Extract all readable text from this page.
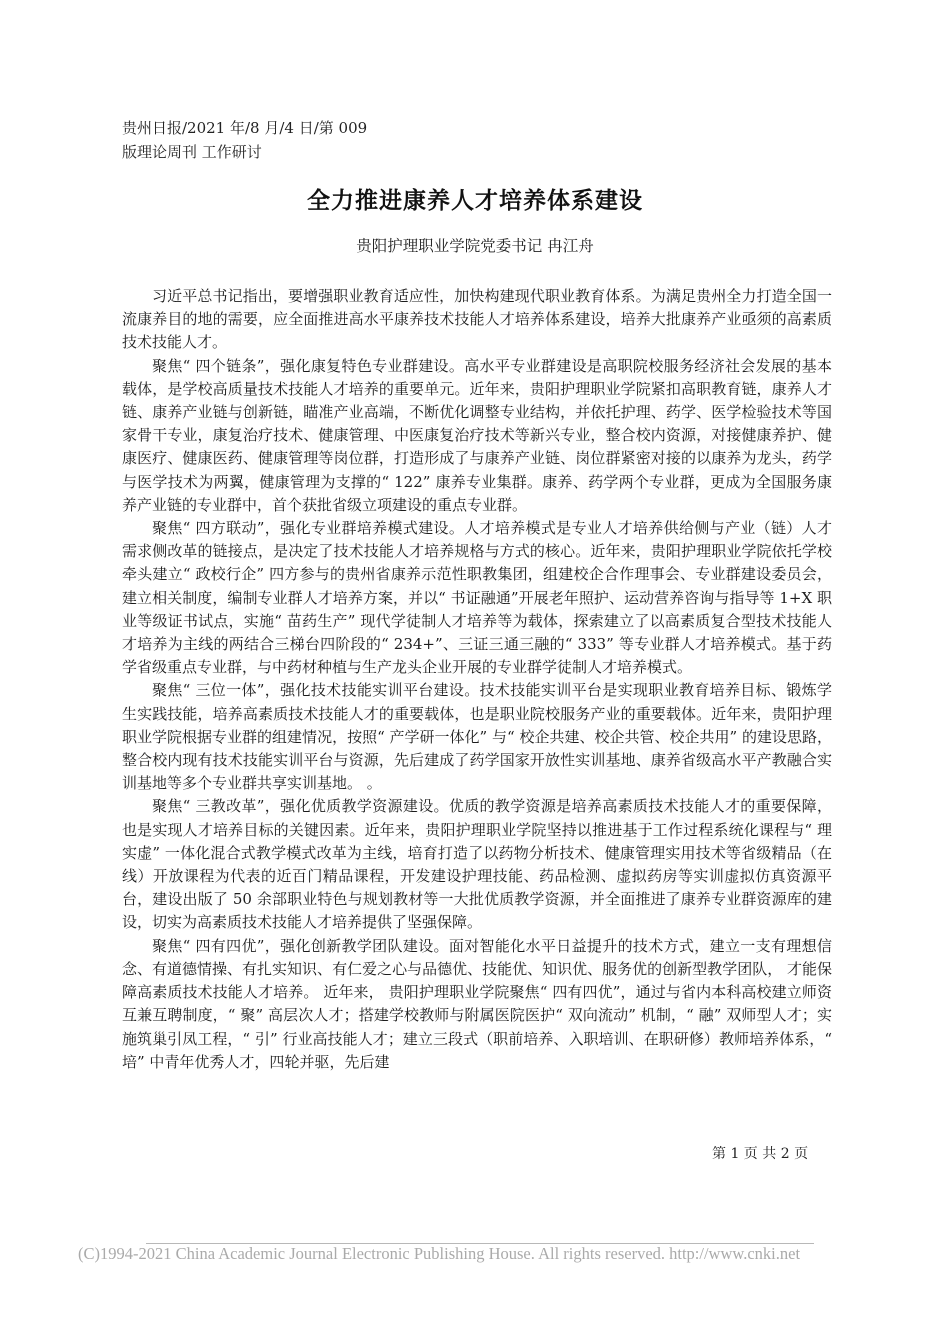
贵州日报/2021 年/8 月/4 日/第 009
版理论周刊 工作研讨
全力推进康养人才培养体系建设
贵阳护理职业学院党委书记 冉江舟

习近平总书记指出，要增强职业教育适应性，加快构建现代职业教育体系。为满足贵州全力打造全国一流康养目的地的需要，应全面推进高水平康养技术技能人才培养体系建设，培养大批康养产业亟须的高素质技术技能人才。

聚焦“ 四个链条”，强化康复特色专业群建设。高水平专业群建设是高职院校服务经济社会发展的基本载体，是学校高质量技术技能人才培养的重要单元。近年来，贵阳护理职业学院紧扣高职教育链，康养人才链、康养产业链与创新链，瞄准产业高端，不断优化调整专业结构，并依托护理、药学、医学检验技术等国家骨干专业，康复治疗技术、健康管理、中医康复治疗技术等新兴专业，整合校内资源，对接健康养护、健康医疗、健康医药、健康管理等岗位群，打造形成了与康养产业链、岗位群紧密对接的以康养为龙头，药学与医学技术为两翼，健康管理为支撑的“ 122” 康养专业集群。康养、药学两个专业群，更成为全国服务康养产业链的专业群中，首个获批省级立项建设的重点专业群。

聚焦“ 四方联动”，强化专业群培养模式建设。人才培养模式是专业人才培养供给侧与产业（链）人才需求侧改革的链接点，是决定了技术技能人才培养规格与方式的核心。近年来，贵阳护理职业学院依托学校牵头建立“ 政校行企” 四方参与的贵州省康养示范性职教集团，组建校企合作理事会、专业群建设委员会，建立相关制度，编制专业群人才培养方案，并以“ 书证融通”开展老年照护、运动营养咨询与指导等 1+X 职业等级证书试点，实施“ 苗药生产” 现代学徒制人才培养等为载体，探索建立了以高素质复合型技术技能人才培养为主线的两结合三梯台四阶段的“ 234+”、三证三通三融的“ 333” 等专业群人才培养模式。基于药学省级重点专业群，与中药材种植与生产龙头企业开展的专业群学徒制人才培养模式。

聚焦“ 三位一体”，强化技术技能实训平台建设。技术技能实训平台是实现职业教育培养目标、锻炼学生实践技能，培养高素质技术技能人才的重要载体，也是职业院校服务产业的重要载体。近年来，贵阳护理职业学院根据专业群的组建情况，按照“ 产学研一体化” 与“ 校企共建、校企共管、校企共用” 的建设思路，整合校内现有技术技能实训平台与资源，先后建成了药学国家开放性实训基地、康养省级高水平产教融合实训基地等多个专业群共享实训基地。 。

聚焦“ 三教改革”，强化优质教学资源建设。优质的教学资源是培养高素质技术技能人才的重要保障，也是实现人才培养目标的关键因素。近年来，贵阳护理职业学院坚持以推进基于工作过程系统化课程与“ 理实虚” 一体化混合式教学模式改革为主线，培育打造了以药物分析技术、健康管理实用技术等省级精品（在线）开放课程为代表的近百门精品课程，开发建设护理技能、药品检测、虚拟药房等实训虚拟仿真资源平台，建设出版了 50 余部职业特色与规划教材等一大批优质教学资源，并全面推进了康养专业群资源库的建设，切实为高素质技术技能人才培养提供了坚强保障。

聚焦“ 四有四优”，强化创新教学团队建设。面对智能化水平日益提升的技术方式，建立一支有理想信念、有道德情操、有扎实知识、有仁爱之心与品德优、技能优、知识优、服务优的创新型教学团队， 才能保障高素质技术技能人才培养。 近年来， 贵阳护理职业学院聚焦“ 四有四优”，通过与省内本科高校建立师资互兼互聘制度，“ 聚” 高层次人才；搭建学校教师与附属医院医护“ 双向流动” 机制，“ 融” 双师型人才；实施筑巢引凤工程，“ 引” 行业高技能人才；建立三段式（职前培养、入职培训、在职研修）教师培养体系，“ 培” 中青年优秀人才，四轮并驱，先后建

第 1 页 共 2 页
(C)1994-2021 China Academic Journal Electronic Publishing House. All rights reserved. http://www.cnki.net
